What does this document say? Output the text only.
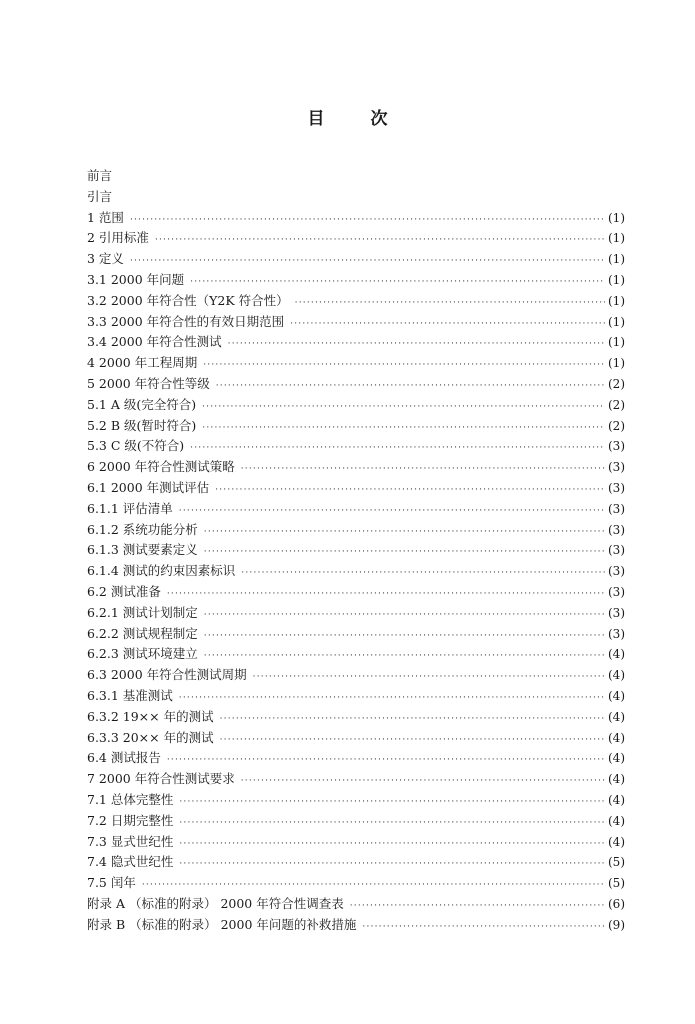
目 次
前言
引言
1 范围 ·····	(1)
2 引用标准 ·····	(1)
3 定义 ·····	(1)
3.1 2000 年问题 ·····	(1)
3.2 2000 年符合性（Y2K 符合性） ·····	(1)
3.3 2000 年符合性的有效日期范围 ·····	(1)
3.4 2000 年符合性测试 ·····	(1)
4 2000 年工程周期 ·····	(1)
5 2000 年符合性等级 ·····	(2)
5.1 A 级(完全符合) ·····	(2)
5.2 B 级(暂时符合) ·····	(2)
5.3 C 级(不符合) ·····	(3)
6 2000 年符合性测试策略 ·····	(3)
6.1 2000 年测试评估 ·····	(3)
6.1.1 评估清单 ·····	(3)
6.1.2 系统功能分析 ·····	(3)
6.1.3 测试要素定义 ·····	(3)
6.1.4 测试的约束因素标识 ·····	(3)
6.2 测试准备 ·····	(3)
6.2.1 测试计划制定 ·····	(3)
6.2.2 测试规程制定 ·····	(3)
6.2.3 测试环境建立 ·····	(4)
6.3 2000 年符合性测试周期 ·····	(4)
6.3.1 基准测试 ·····	(4)
6.3.2 19×× 年的测试 ·····	(4)
6.3.3 20×× 年的测试 ·····	(4)
6.4 测试报告 ·····	(4)
7 2000 年符合性测试要求 ·····	(4)
7.1 总体完整性 ·····	(4)
7.2 日期完整性 ·····	(4)
7.3 显式世纪性 ·····	(4)
7.4 隐式世纪性 ·····	(5)
7.5 闰年 ·····	(5)
附录 A （标准的附录） 2000 年符合性调查表 ·····	(6)
附录 B （标准的附录） 2000 年问题的补救措施 ·····	(9)
